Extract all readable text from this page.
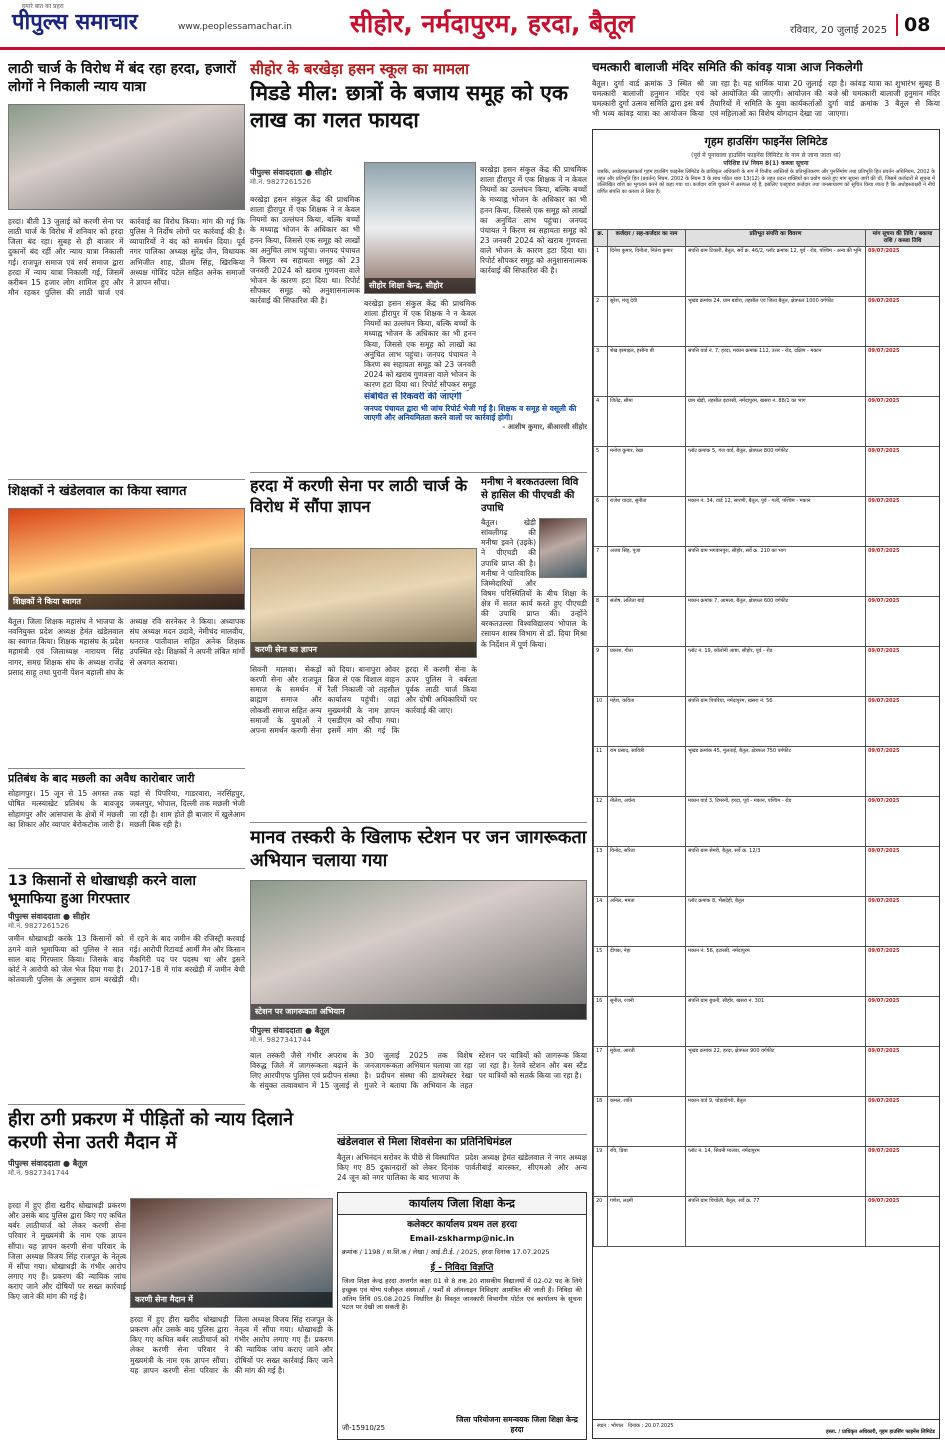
हमारे बात का प्रहरा
पीपुल्स समाचार	www.peoplessamachar.in सीहोर, नर्मदापुरम, हरदा, बैतूल	रविवार, 20 जुलाई 2025 08
लाठी चार्ज के विरोध में बंद रहा हरदा, हजारों लोगों ने निकाली न्याय यात्रा
हरदा। बीती 13 जुलाई को करणी सेना पर लाठी चार्ज के विरोध में शनिवार को हरदा जिला बंद रहा। सुबह से ही बाजार में दुकानों बंद रहीं और न्याय यात्रा निकाली गई। राजपूत समाज एवं सर्व समाज द्वारा हरदा में न्याय यात्रा निकाली गई, जिसमें करीबन 15 हजार लोग शामिल हुए और मौन रहकर पुलिस की लाठी चार्ज एवं कार्रवाई का विरोध किया। मांग की गई कि पुलिस ने निर्दोष लोगों पर कार्रवाई की है। व्यापारियों ने बंद को समर्थन दिया। पूर्व नगर पालिका अध्यक्ष सुरेंद्र जैन, विधायक अभिजीत शाह, प्रीतम सिंह, खिरकिया अध्यक्ष गोविंद पटेल सहित अनेक समाजों ने ज्ञापन सौंपा।
शिक्षकों ने खंडेलवाल का किया स्वागत
शिक्षकों ने किया स्वागत
बैतूल। जिला शिक्षक महासंघ ने भाजपा के नवनियुक्त प्रदेश अध्यक्ष हेमंत खंडेलवाल का स्वागत किया। शिक्षक महासंघ के प्रदेश महामंत्री एवं जिलाध्यक्ष नारायण सिंह नागर, समग्र शिक्षक संघ के अध्यक्ष राजेंद्र प्रसाद साहू तथा पुरानी पेंशन बहाली संघ के अध्यक्ष रवि सरनेकर ने किया। अध्यापक संघ अध्यक्ष मदन उदावे, नेमीचंद मालवीय, धनराज पातीवाल सहित अनेक शिक्षक उपस्थित रहे। शिक्षकों ने अपनी लंबित मांगों से अवगत कराया।
प्रतिबंध के बाद मछली का अवैध कारोबार जारी
सोहागपुर। 15 जून से 15 अगस्त तक घोषित मत्स्याखेट प्रतिबंध के बावजूद सोहागपुर और आसपास के क्षेत्रों में मछली का शिकार और व्यापार बेरोकटोक जारी है। यहां से पिपरिया, गाडरवारा, नरसिंहपुर, जबलपुर, भोपाल, दिल्ली तक मछली भेजी जा रही है। शाम होते ही बाजार में खुलेआम मछली बिक रही है।
13 किसानों से धोखाधड़ी करने वाला भूमाफिया हुआ गिरफ्तार
पीपुल्स संवाददाता ● सीहोर
मो.नं. 9827261526
जमीन धोखाधड़ी करके 13 किसानों को ठगने वाले भूमाफिया को पुलिस ने सात साल बाद गिरफ्तार किया। जिसके बाद कोर्ट ने आरोपी को जेल भेज दिया गया है। कोतवाली पुलिस के अनुसार ग्राम बरखेड़ी में रहने के बाद जमीन की रजिस्ट्री करवाई गई। आरोपी रिटायर्ड आर्मी मैन और किसान मैकगिरी पद पर पदस्थ था और इसने 2017-18 में गांव बरखेड़ी में जमीन बेची थी।
हीरा ठगी प्रकरण में पीड़ितों को न्याय दिलाने करणी सेना उतरी मैदान में
पीपुल्स संवाददाता ● बैतूल
मो.नं. 9827341744
करणी सेना मैदान में
हरदा में हुए हीरा खरीद धोखाधड़ी प्रकरण और उसके बाद पुलिस द्वारा किए गए कथित बर्बर लाठीचार्ज को लेकर करणी सेना परिवार ने मुख्यमंत्री के नाम एक ज्ञापन सौंपा। यह ज्ञापन करणी सेना परिवार के जिला अध्यक्ष विजय सिंह राजपूत के नेतृत्व में सौंपा गया। धोखाधड़ी के गंभीर आरोप लगाए गए हैं। प्रकरण की न्यायिक जांच कराए जाने और दोषियों पर सख्त कार्रवाई किए जाने की मांग की गई है।
हरदा में हुए हीरा खरीद धोखाधड़ी प्रकरण और उसके बाद पुलिस द्वारा किए गए कथित बर्बर लाठीचार्ज को लेकर करणी सेना परिवार ने मुख्यमंत्री के नाम एक ज्ञापन सौंपा। यह ज्ञापन करणी सेना परिवार के जिला अध्यक्ष विजय सिंह राजपूत के नेतृत्व में सौंपा गया। धोखाधड़ी के गंभीर आरोप लगाए गए हैं। प्रकरण की न्यायिक जांच कराए जाने और दोषियों पर सख्त कार्रवाई किए जाने की मांग की गई है।
सीहोर के बरखेड़ा हसन स्कूल का मामला
मिडडे मील: छात्रों के बजाय समूह को एक लाख का गलत फायदा
पीपुल्स संवाददाता ● सीहोर
मो.नं. 9827261526
बरखेड़ा हसन संकुल केंद्र की प्राथमिक शाला हीरापुर में एक शिक्षक ने न केवल नियमों का उल्लंघन किया, बल्कि बच्चों के मध्याह्न भोजन के अधिकार का भी हनन किया, जिससे एक समूह को लाखों का अनुचित लाभ पहुंचा। जनपद पंचायत ने किरण स्व सहायता समूह को 23 जनवरी 2024 को खराब गुणवत्ता वाले भोजन के कारण हटा दिया था। रिपोर्ट सौपकर समूह को अनुशासनात्मक कार्रवाई की सिफारिश की है।
सीहोर शिक्षा केन्द्र, सीहोर
बरखेड़ा हसन संकुल केंद्र की प्राथमिक शाला हीरापुर में एक शिक्षक ने न केवल नियमों का उल्लंघन किया, बल्कि बच्चों के मध्याह्न भोजन के अधिकार का भी हनन किया, जिससे एक समूह को लाखों का अनुचित लाभ पहुंचा। जनपद पंचायत ने किरण स्व सहायता समूह को 23 जनवरी 2024 को खराब गुणवत्ता वाले भोजन के कारण हटा दिया था। रिपोर्ट सौपकर समूह
बरखेड़ा हसन संकुल केंद्र की प्राथमिक शाला हीरापुर में एक शिक्षक ने न केवल नियमों का उल्लंघन किया, बल्कि बच्चों के मध्याह्न भोजन के अधिकार का भी हनन किया, जिससे एक समूह को लाखों का अनुचित लाभ पहुंचा। जनपद पंचायत ने किरण स्व सहायता समूह को 23 जनवरी 2024 को खराब गुणवत्ता वाले भोजन के कारण हटा दिया था। रिपोर्ट सौपकर समूह को अनुशासनात्मक कार्रवाई की सिफारिश की है।
संबंधित से रिकवरी की जाएगी
जनपद पंचायत द्वारा भी जांच रिपोर्ट भेजी गई है। शिक्षक व समूह से वसूली की जाएगी और अनियमितता करने वालों पर कार्रवाई होगी।
- आशीष कुमार, बीआरसी सीहोर
हरदा में करणी सेना पर लाठी चार्ज के विरोध में सौंपा ज्ञापन
करणी सेना का ज्ञापन
सिवनी मालवा। सेकड़ों करणी सेना और राजपूत समाज के समर्थन में ब्राह्मण समाज और लोकशी समाज सहित अन्य समाजों के युवाओं ने अपना समर्थन करणी सेना को दिया। बानापुरा ओवर ब्रिज से एक विशाल वाहन रैली निकाली जो तहसील कार्यालय पहुंची। जहां मुख्यमंत्री के नाम ज्ञापन एसडीएम को सौंपा गया। इसमें मांग की गई कि हरदा में करणी सेना के ऊपर पुलिस ने बर्बरता पूर्वक लाठी चार्ज किया और दोषी अधिकारियों पर कार्रवाई की जाए।
मनीषा ने बरकतउल्ला विवि से हासिल की पीएचडी की उपाधि
बैतूल। खेड़ी सांवलीगढ़ की मनीषा इवने (उइके) ने पीएचडी की उपाधि प्राप्त की है। मनीषा ने पारिवारिक जिम्मेदारियों और विषम परिस्थितियों के बीच शिक्षा के क्षेत्र में सतत कार्य करते हुए पीएचडी की उपाधि प्राप्त की। उन्होंने बरकतउल्ला विश्वविद्यालय भोपाल के रसायन शास्त्र विभाग से डॉ. दिया मिश्रा के निर्देशन में पूर्ण किया।
मानव तस्करी के खिलाफ स्टेशन पर जन जागरूकता अभियान चलाया गया
स्टेशन पर जागरूकता अभियान
पीपुल्स संवाददाता ● बैतूल
मो.नं. 9827341744
बाल तस्करी जैसे गंभीर अपराध के विरुद्ध जिले में जागरूकता बढ़ाने के लिए आरपीएफ पुलिस एवं प्रदीपन संस्था के संयुक्त तत्वावधान में 15 जुलाई से 30 जुलाई 2025 तक विशेष जनजागरूकता अभियान चलाया जा रहा है। प्रदीपन संस्था की डायरेक्टर रेखा गुजरे ने बताया कि अभियान के तहत स्टेशन पर यात्रियों को जागरूक किया जा रहा है। रेलवे स्टेशन और बस स्टैंड पर यात्रियों को सतर्क किया जा रहा है।
खंडेलवाल से मिला शिवसेना का प्रतिनिधिमंडल
बैतूल। अभिनंदन सरोवर के पीछे से विस्थापित किए गए 85 दुकानदारों को लेकर दिनांक 24 जून को नगर पालिका के बाद भाजपा के प्रदेश अध्यक्ष हेमंत खंडेलवाल ने नगर अध्यक्ष पार्वतीबाई बारस्कर, सीएमओ और अन्य
कार्यालय जिला शिक्षा केन्द्र
कलेक्टर कार्यालय प्रथम तल हरदा
Email-zskharmp@nic.in
क्रमांक / 1198 / स.शि.क / लेखा / आई.टी.ई. / 2025, हरदा दिनांक 17.07.2025
ई - निविदा विज्ञप्ति
जिला शिक्षा केन्द्र हरदा अन्तर्गत कक्षा 01 से 8 तक 20 शासकीय विद्यालयों में 02-02 पद के लिये इच्छुक एवं योग्य पंजीकृत संस्थाओं / फर्मों से ऑनलाइन निविदाएं आमंत्रित की जाती हैं। निविदा की अंतिम तिथि 05.08.2025 निर्धारित है। विस्तृत जानकारी विभागीय पोर्टल एवं कार्यालय के सूचना पटल पर देखी जा सकती है।
जी-15910/25
जिला परियोजना समन्वयक जिला शिक्षा केन्द्र हरदा
चमत्कारी बालाजी मंदिर समिति की कांवड़ यात्रा आज निकलेगी
बैतूल। दुर्गा वार्ड क्रमांक 3 स्थित श्री चमत्कारी बालाजी हनुमान मंदिर एवं चमत्कारी दुर्गा उत्सव समिति द्वारा इस वर्ष भी भव्य कांवड़ यात्रा का आयोजन किया जा रहा है। यह धार्मिक यात्रा 20 जुलाई को आयोजित की जाएगी। आयोजन की तैयारियों में समिति के युवा कार्यकर्ताओं एवं महिलाओं का विशेष योगदान देखा जा रहा है। कांवड़ यात्रा का शुभारंभ सुबह 8 बजे श्री चमत्कारी बालाजी हनुमान मंदिर दुर्गा वार्ड क्रमांक 3 बैतूल से किया जाएगा।
गृहम हाउसिंग फाइनेंस लिमिटेड
(पूर्व में पूनावाला हाउसिंग फाइनेंस लिमिटेड के नाम से जाना जाता था)
परिशिष्ट IV नियम 8(1) कब्जा सूचना
जबकि, अधोहस्ताक्षरकर्ता गृहम हाउसिंग फाइनेंस लिमिटेड के प्राधिकृत अधिकारी के रूप में वित्तीय आस्तियों के प्रतिभूतिकरण और पुनर्निर्माण तथा प्रतिभूति हित प्रवर्तन अधिनियम, 2002 के तहत और प्रतिभूति हित (प्रवर्तन) नियम, 2002 के नियम 3 के साथ पठित धारा 13(12) के तहत प्रदत्त शक्तियों का प्रयोग करते हुए मांग सूचना जारी की थी, जिसमें कर्जदारों से सूचना में उल्लिखित राशि का भुगतान करने को कहा गया था। कर्जदार राशि चुकाने में असफल रहे हैं, इसलिए एतद्द्वारा कर्जदार तथा जनसाधारण को सूचित किया जाता है कि अधोहस्ताक्षरी ने नीचे वर्णित संपत्ति का कब्जा ले लिया है।
क्र.	कर्जदार / सह-कर्जदार का नाम	प्रतिभूत संपत्ति का विवरण	मांग सूचना की तिथि / बकाया राशि / कब्जा तिथि
1	दिनेश कुमार, विनीता, नितेश कुमार	संपत्ति ग्राम टिकारी, बैतूल, सर्वे क्र. 46/2, प्लॉट क्रमांक 12, पूर्व - रोड, पश्चिम - अन्य की भूमि	09/07/2025
2	सुरेश, मंजू देवी	भूखंड क्रमांक 24, ग्राम बडोरा, तहसील एवं जिला बैतूल, क्षेत्रफल 1000 वर्गफीट	09/07/2025
3	शेख इस्माइल, हसीना बी	संपत्ति वार्ड नं. 7, हरदा, मकान क्रमांक 112, उत्तर - रोड, दक्षिण - मकान	09/07/2025
4	जितेंद्र, सीमा	ग्राम खेड़ी, तहसील इटारसी, नर्मदापुरम, खसरा नं. 88/1 का भाग	09/07/2025
5	मनोज कुमार, रेखा	प्लॉट क्रमांक 5, गंज वार्ड, बैतूल, क्षेत्रफल 800 वर्गफीट	09/07/2025
6	राजेश यादव, सुनीता	मकान नं. 34, वार्ड 12, सारणी, बैतूल, पूर्व - गली, पश्चिम - मकान	09/07/2025
7	अजय सिंह, पूजा	संपत्ति ग्राम भगवानपुरा, सीहोर, सर्वे क्र. 210 का भाग	09/07/2025
8	संतोष, ललिता बाई	मकान क्रमांक 7, आमला, बैतूल, क्षेत्रफल 600 वर्गफीट	09/07/2025
9	प्रकाश, गीता	प्लॉट नं. 19, कॉलोनी आष्टा, सीहोर, पूर्व - रोड	09/07/2025
10	महेश, कविता	संपत्ति ग्राम पिपरिया, नर्मदापुरम, खसरा नं. 56	09/07/2025
11	राम प्रसाद, सावित्री	भूखंड क्रमांक 45, मुलताई, बैतूल, क्षेत्रफल 750 वर्गफीट	09/07/2025
12	नीलेश, अर्चना	मकान वार्ड 3, टिमरनी, हरदा, पूर्व - मकान, पश्चिम - रोड	09/07/2025
13	विनोद, सरिता	संपत्ति ग्राम सेमरी, बैतूल, सर्वे क्र. 12/3	09/07/2025
14	अनिल, ममता	प्लॉट क्रमांक 8, भैंसदेही, बैतूल	09/07/2025
15	दीपक, नेहा	मकान नं. 56, इटारसी, नर्मदापुरम	09/07/2025
16	सुनील, रजनी	संपत्ति ग्राम बुधनी, सीहोर, खसरा नं. 301	09/07/2025
17	मुकेश, आरती	भूखंड क्रमांक 22, हरदा, क्षेत्रफल 900 वर्गफीट	09/07/2025
18	कमल, शांति	मकान वार्ड 9, घोड़ाडोंगरी, बैतूल	09/07/2025
19	रवि, प्रिया	प्लॉट नं. 14, सिवनी मालवा, नर्मदापुरम	09/07/2025
20	गणेश, लक्ष्मी	संपत्ति ग्राम चिचोली, बैतूल, सर्वे क्र. 77	09/07/2025
स्थान : भोपाल दिनांक : 20.07.2025
हस्ता. / प्राधिकृत अधिकारी, गृहम हाउसिंग फाइनेंस लिमिटेड
